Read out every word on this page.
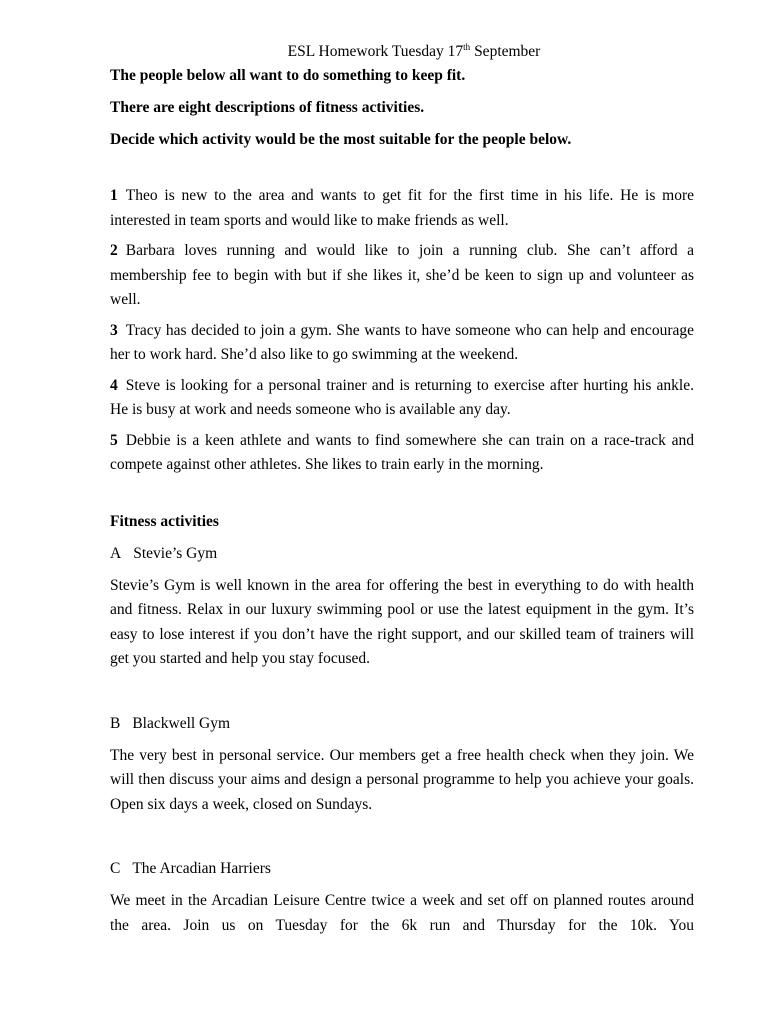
ESL Homework Tuesday 17th September

The people below all want to do something to keep fit.

There are eight descriptions of fitness activities.

Decide which activity would be the most suitable for the people below.

1 Theo is new to the area and wants to get fit for the first time in his life. He is more interested in team sports and would like to make friends as well.

2 Barbara loves running and would like to join a running club. She can’t afford a membership fee to begin with but if she likes it, she’d be keen to sign up and volunteer as well.

3 Tracy has decided to join a gym. She wants to have someone who can help and encourage her to work hard. She’d also like to go swimming at the weekend.

4 Steve is looking for a personal trainer and is returning to exercise after hurting his ankle. He is busy at work and needs someone who is available any day.

5 Debbie is a keen athlete and wants to find somewhere she can train on a race-track and compete against other athletes. She likes to train early in the morning.

Fitness activities

A Stevie’s Gym

Stevie’s Gym is well known in the area for offering the best in everything to do with health and fitness. Relax in our luxury swimming pool or use the latest equipment in the gym. It’s easy to lose interest if you don’t have the right support, and our skilled team of trainers will get you started and help you stay focused.

B Blackwell Gym

The very best in personal service. Our members get a free health check when they join. We will then discuss your aims and design a personal programme to help you achieve your goals. Open six days a week, closed on Sundays.

C The Arcadian Harriers

We meet in the Arcadian Leisure Centre twice a week and set off on planned routes around the area. Join us on Tuesday for the 6k run and Thursday for the 10k. You
